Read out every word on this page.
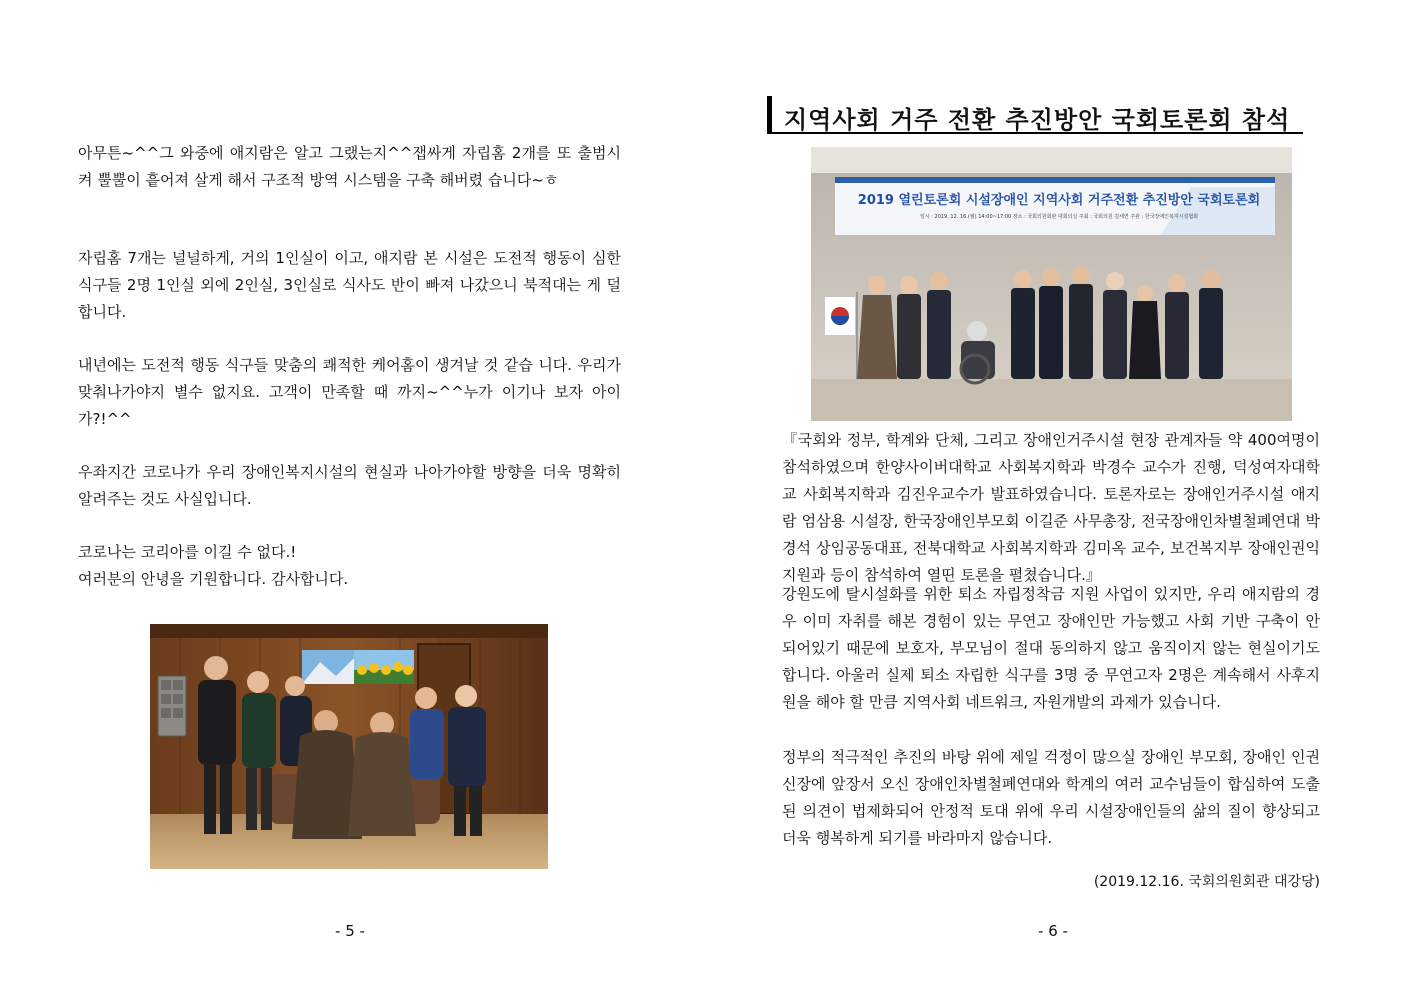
아무튼~^^그 와중에 애지람은 알고 그랬는지^^잽싸게 자립홈 2개를 또 출범시켜 뿔뿔이 흩어져 살게 해서 구조적 방역 시스템을 구축 해버렸 습니다~ㅎ

자립홈 7개는 널널하게, 거의 1인실이 이고, 애지람 본 시설은 도전적 행동이 심한 식구들 2명 1인실 외에 2인실, 3인실로 식사도 반이 빠져 나갔으니 북적대는 게 덜 합니다.

내년에는 도전적 행동 식구들 맞춤의 쾌적한 케어홈이 생겨날 것 같습 니다. 우리가 맞춰나가야지 별수 없지요. 고객이 만족할 때 까지~^^누가 이기나 보자 아이가?!^^

우좌지간 코로나가 우리 장애인복지시설의 현실과 나아가야할 방향을 더욱 명확히 알려주는 것도 사실입니다.

코로나는 코리아를 이길 수 없다.!
여러분의 안녕을 기원합니다. 감사합니다.

- 5 -
지역사회 거주 전환 추진방안 국회토론회 참석
2019 열린토론회 시설장애인 지역사회 거주전환 추진방안 국회토론회
일시 : 2019. 12. 16.(월) 14:00~17:00 장소 : 국회의원회관 대회의실 주최 : 국회의원 김세연 주관 : 한국장애인복지시설협회

『국회와 정부, 학계와 단체, 그리고 장애인거주시설 현장 관계자들 약 400여명이 참석하였으며 한양사이버대학교 사회복지학과 박경수 교수가 진행, 덕성여자대학교 사회복지학과 김진우교수가 발표하였습니다. 토론자로는 장애인거주시설 애지람 엄삼용 시설장, 한국장애인부모회 이길준 사무총장, 전국장애인차별철폐연대 박경석 상임공동대표, 전북대학교 사회복지학과 김미옥 교수, 보건복지부 장애인권익지원과 등이 참석하여 열띤 토론을 펼쳤습니다.』

강원도에 탈시설화를 위한 퇴소 자립정착금 지원 사업이 있지만, 우리 애지람의 경우 이미 자취를 해본 경험이 있는 무연고 장애인만 가능했고 사회 기반 구축이 안 되어있기 때문에 보호자, 부모님이 절대 동의하지 않고 움직이지 않는 현실이기도 합니다. 아울러 실제 퇴소 자립한 식구를 3명 중 무연고자 2명은 계속해서 사후지원을 해야 할 만큼 지역사회 네트워크, 자원개발의 과제가 있습니다.

정부의 적극적인 추진의 바탕 위에 제일 걱정이 많으실 장애인 부모회, 장애인 인권신장에 앞장서 오신 장애인차별철폐연대와 학계의 여러 교수님들이 합심하여 도출된 의견이 법제화되어 안정적 토대 위에 우리 시설장애인들의 삶의 질이 향상되고 더욱 행복하게 되기를 바라마지 않습니다.

(2019.12.16. 국회의원회관 대강당)
- 6 -
